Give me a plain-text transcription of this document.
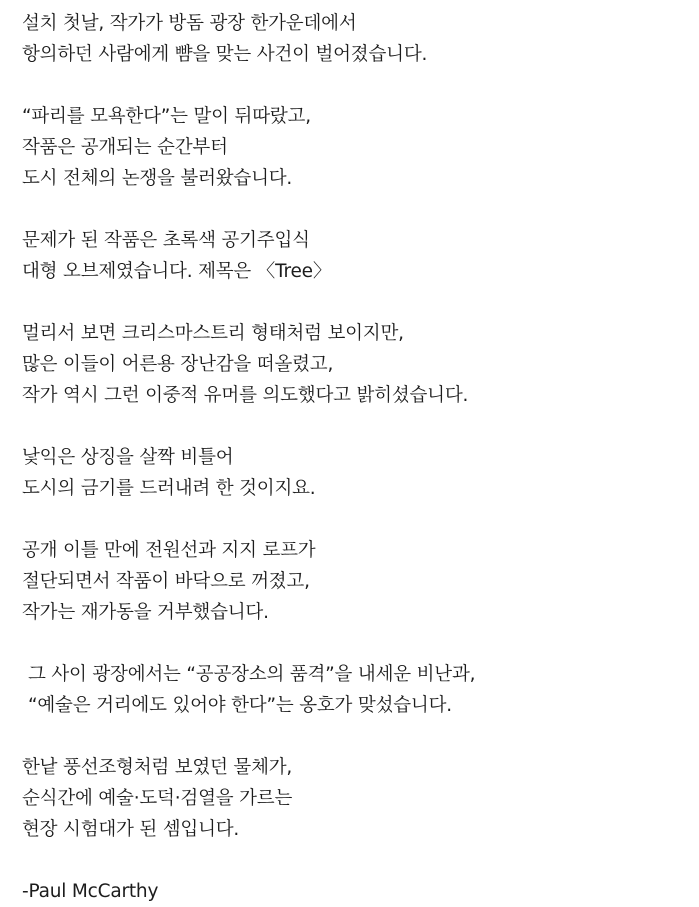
설치 첫날, 작가가 방돔 광장 한가운데에서
항의하던 사람에게 뺨을 맞는 사건이 벌어졌습니다.

“파리를 모욕한다”는 말이 뒤따랐고,
작품은 공개되는 순간부터
도시 전체의 논쟁을 불러왔습니다.

문제가 된 작품은 초록색 공기주입식
대형 오브제였습니다. 제목은 〈Tree〉

멀리서 보면 크리스마스트리 형태처럼 보이지만,
많은 이들이 어른용 장난감을 떠올렸고,
작가 역시 그런 이중적 유머를 의도했다고 밝히셨습니다.

낯익은 상징을 살짝 비틀어
도시의 금기를 드러내려 한 것이지요.

공개 이틀 만에 전원선과 지지 로프가
절단되면서 작품이 바닥으로 꺼졌고,
작가는 재가동을 거부했습니다.

그 사이 광장에서는 “공공장소의 품격”을 내세운 비난과,
“예술은 거리에도 있어야 한다”는 옹호가 맞섰습니다.

한낱 풍선조형처럼 보였던 물체가,
순식간에 예술·도덕·검열을 가르는
현장 시험대가 된 셈입니다.

-Paul McCarthy
